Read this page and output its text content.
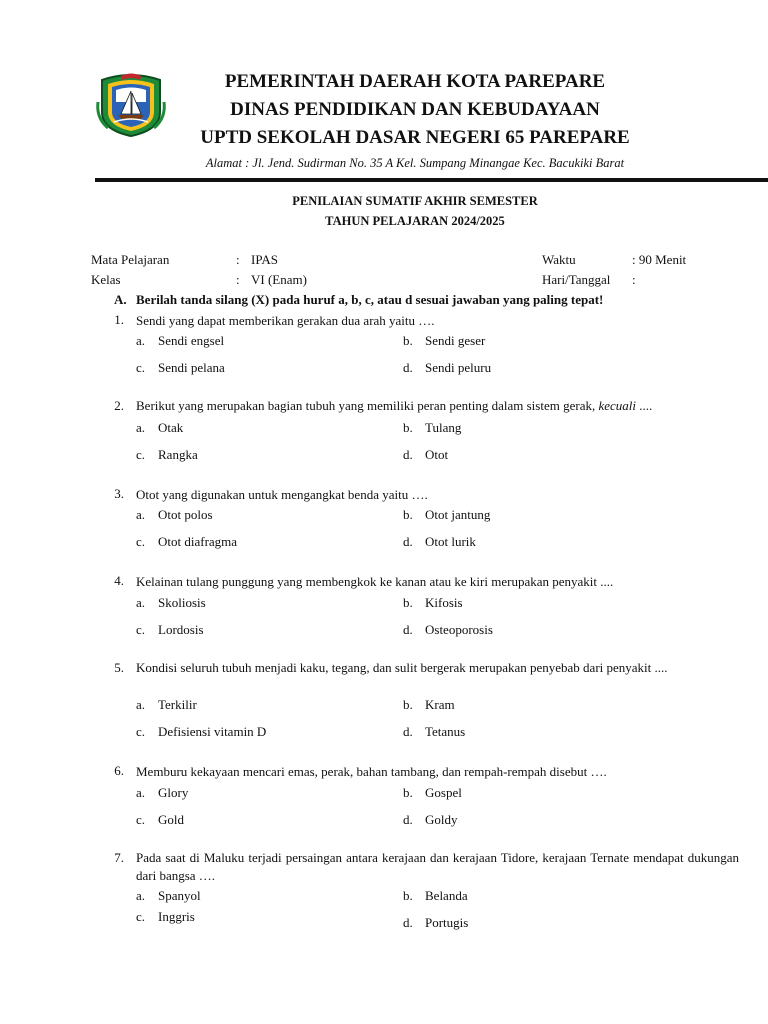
PEMERINTAH DAERAH KOTA PAREPARE
DINAS PENDIDIKAN DAN KEBUDAYAAN
UPTD SEKOLAH DASAR NEGERI 65 PAREPARE
Alamat : Jl. Jend. Sudirman No. 35 A Kel. Sumpang Minangae Kec. Bacukiki Barat
PENILAIAN SUMATIF AKHIR SEMESTER
TAHUN PELAJARAN 2024/2025
Mata Pelajaran	: IPAS	Waktu	: 90 Menit
Kelas	: VI (Enam)	Hari/Tanggal :
A. Berilah tanda silang (X) pada huruf a, b, c, atau d sesuai jawaban yang paling tepat!
1. Sendi yang dapat memberikan gerakan dua arah yaitu ….
a. Sendi engsel	b. Sendi geser
c. Sendi pelana	d. Sendi peluru
2. Berikut yang merupakan bagian tubuh yang memiliki peran penting dalam sistem gerak, kecuali ....
a. Otak	b. Tulang
c. Rangka	d. Otot
3. Otot yang digunakan untuk mengangkat benda yaitu ….
a. Otot polos	b. Otot jantung
c. Otot diafragma	d. Otot lurik
4. Kelainan tulang punggung yang membengkok ke kanan atau ke kiri merupakan penyakit ....
a. Skoliosis	b. Kifosis
c. Lordosis	d. Osteoporosis
5. Kondisi seluruh tubuh menjadi kaku, tegang, dan sulit bergerak merupakan penyebab dari penyakit ....
a. Terkilir	b. Kram
c. Defisiensi vitamin D	d. Tetanus
6. Memburu kekayaan mencari emas, perak, bahan tambang, dan rempah-rempah disebut ….
a. Glory	b. Gospel
c. Gold	d. Goldy
7. Pada saat di Maluku terjadi persaingan antara kerajaan dan kerajaan Tidore, kerajaan Ternate mendapat dukungan dari bangsa ….
a. Spanyol	b. Belanda
c. Inggris	d. Portugis
